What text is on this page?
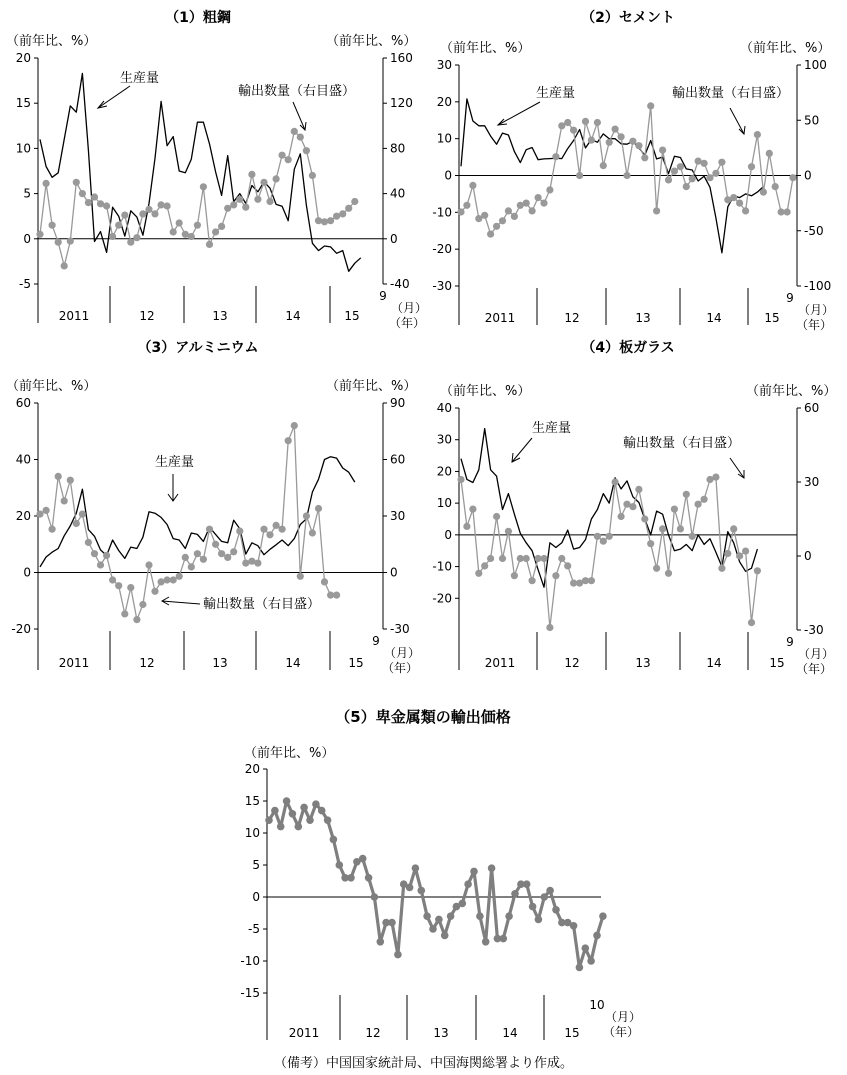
（1）粗鋼
（前年比、%）	（前年比、%）
生産量
輸出数量（右目盛）
（2）セメント
（前年比、%）	（前年比、%）
生産量	輸出数量（右目盛）
（3）アルミニウム
（前年比、%）	（前年比、%）
生産量
輸出数量（右目盛）
（4）板ガラス
（前年比、%）	（前年比、%）
生産量
輸出数量（右目盛）
（5）卑金属類の輸出価格
（前年比、%）
-5
0
5
10
15
20
-40
0
40
80
120
160
2011	12	13	14	15
9
（月）
（年）
-30
-20
-10
0
10
20
30
-100
-50
0
50
100
2011	12	13	14	15
9
（月）
（年）
-20
0
20
40
60
-30
0
30
60
90
2011	12	13	14	15
9
（月）
（年）
-20
-10
0
10
20
30
40
-30
0
30
60
2011	12	13	14	15
9
（月）
（年）
-15
-10
-5
0
5
10
15
20
2011	12	13	14	15
10
（月）
（年）
（備考）中国国家統計局、中国海関総署より作成。
